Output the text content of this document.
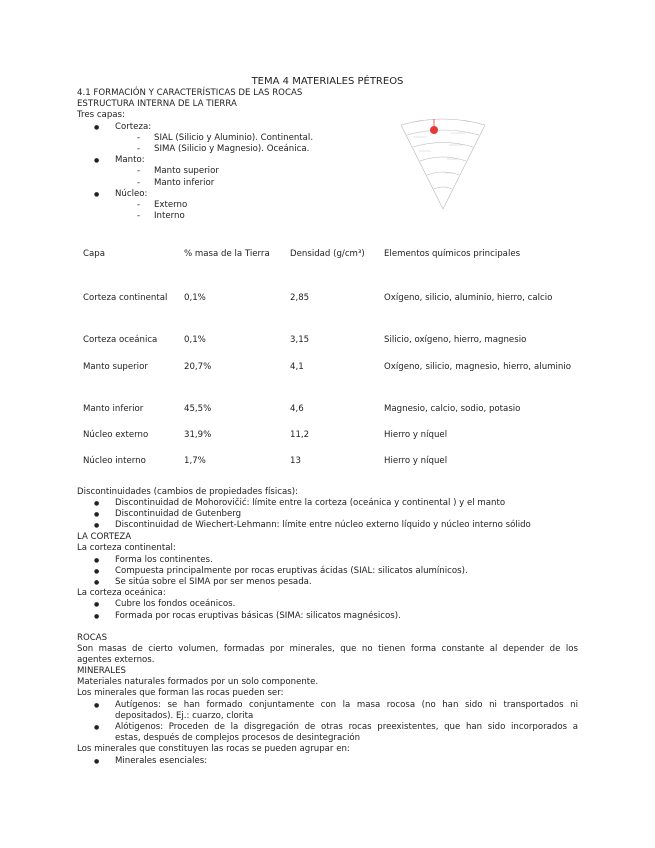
TEMA 4 MATERIALES PÉTREOS
4.1 FORMACIÓN Y CARACTERÍSTICAS DE LAS ROCAS
ESTRUCTURA INTERNA DE LA TIERRA
Tres capas:
● Corteza:
- SIAL (Silicio y Aluminio). Continental.
- SIMA (Silicio y Magnesio). Oceánica.
● Manto:
- Manto superior
- Manto inferior
● Núcleo:
- Externo
- Interno
Capa	% masa de la Tierra	Densidad (g/cm³)	Elementos químicos principales
Corteza continental	0,1%	2,85	Oxígeno, silicio, aluminio, hierro, calcio
Corteza oceánica	0,1%	3,15	Silicio, oxígeno, hierro, magnesio
Manto superior	20,7%	4,1	Oxígeno, silicio, magnesio, hierro, aluminio

Manto inferior	45,5%	4,6	Magnesio, calcio, sodio, potasio
Núcleo externo	31,9%	11,2	Hierro y níquel
Núcleo interno	1,7%	13	Hierro y níquel
Discontinuidades (cambios de propiedades físicas):
● Discontinuidad de Mohorovičić: límite entre la corteza (oceánica y continental ) y el manto
● Discontinuidad de Gutenberg
● Discontinuidad de Wiechert-Lehmann: límite entre núcleo externo líquido y núcleo interno sólido
LA CORTEZA
La corteza continental:
● Forma los continentes.
● Compuesta principalmente por rocas eruptivas ácidas (SIAL: silicatos alumínicos).
● Se sitúa sobre el SIMA por ser menos pesada.
La corteza oceánica:
● Cubre los fondos oceánicos.
● Formada por rocas eruptivas básicas (SIMA: silicatos magnésicos).
ROCAS
Son masas de cierto volumen, formadas por minerales, que no tienen forma constante al depender de los
agentes externos.
MINERALES
Materiales naturales formados por un solo componente.
Los minerales que forman las rocas pueden ser:
● Autígenos: se han formado conjuntamente con la masa rocosa (no han sido ni transportados ni
depositados). Ej.: cuarzo, clorita
● Alótigenos: Proceden de la disgregación de otras rocas preexistentes, que han sido incorporados a
estas, después de complejos procesos de desintegración
Los minerales que constituyen las rocas se pueden agrupar en:
● Minerales esenciales:
